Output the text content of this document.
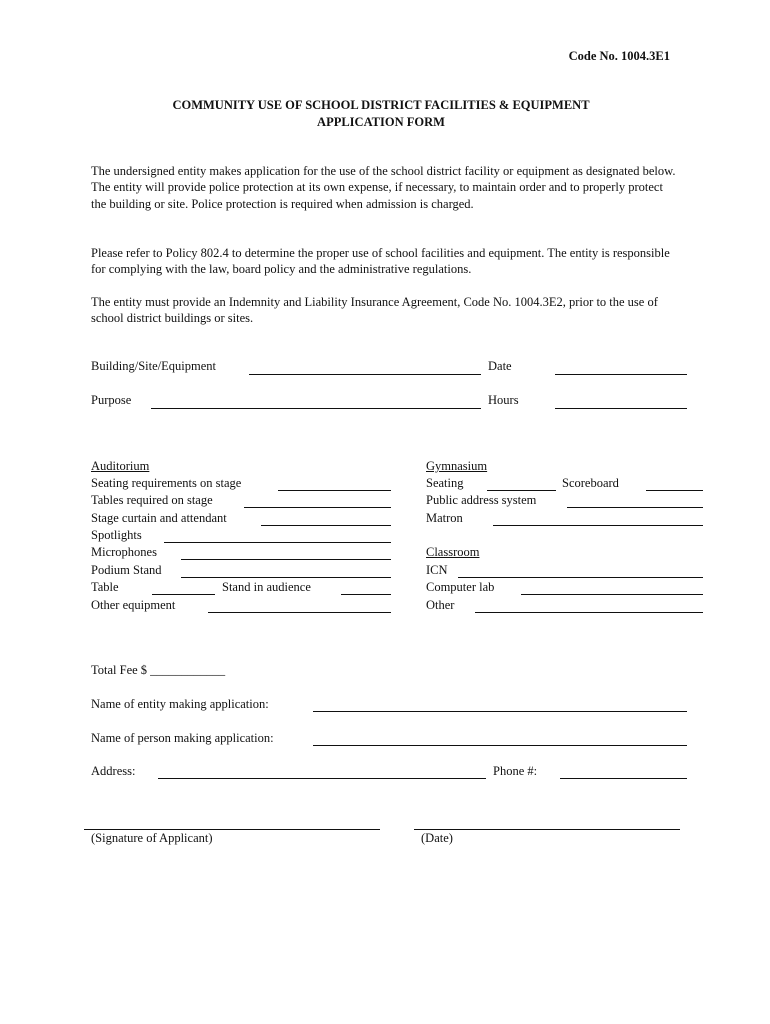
Code No. 1004.3E1
COMMUNITY USE OF SCHOOL DISTRICT FACILITIES & EQUIPMENT
APPLICATION FORM
The undersigned entity makes application for the use of the school district facility or equipment as designated below. The entity will provide police protection at its own expense, if necessary, to maintain order and to properly protect the building or site. Police protection is required when admission is charged.
Please refer to Policy 802.4 to determine the proper use of school facilities and equipment. The entity is responsible for complying with the law, board policy and the administrative regulations.
The entity must provide an Indemnity and Liability Insurance Agreement, Code No. 1004.3E2, prior to the use of school district buildings or sites.
Building/Site/Equipment	Date
Purpose	Hours
Auditorium
Seating requirements on stage
Tables required on stage
Stage curtain and attendant
Spotlights
Microphones
Podium Stand
Table	Stand in audience
Other equipment
Gymnasium
Seating	Scoreboard
Public address system
Matron
Classroom
ICN
Computer lab
Other
Total Fee $ ____________
Name of entity making application:
Name of person making application:
Address:	Phone #:
(Signature of Applicant)	(Date)
